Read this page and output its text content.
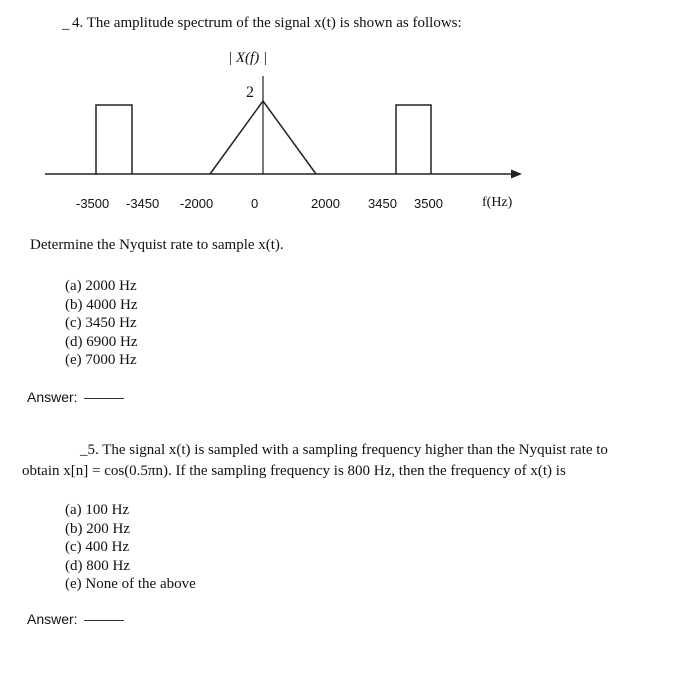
_ 4. The amplitude spectrum of the signal x(t) is shown as follows:
| X(f) |
2
-3500 -3450 -2000	0	2000 3450 3500	f(Hz)
Determine the Nyquist rate to sample x(t).
(a) 2000 Hz
(b) 4000 Hz
(c) 3450 Hz
(d) 6900 Hz
(e) 7000 Hz
Answer:
_5. The signal x(t) is sampled with a sampling frequency higher than the Nyquist rate to
obtain x[n] = cos(0.5πn). If the sampling frequency is 800 Hz, then the frequency of x(t) is
(a) 100 Hz
(b) 200 Hz
(c) 400 Hz
(d) 800 Hz
(e) None of the above
Answer:
